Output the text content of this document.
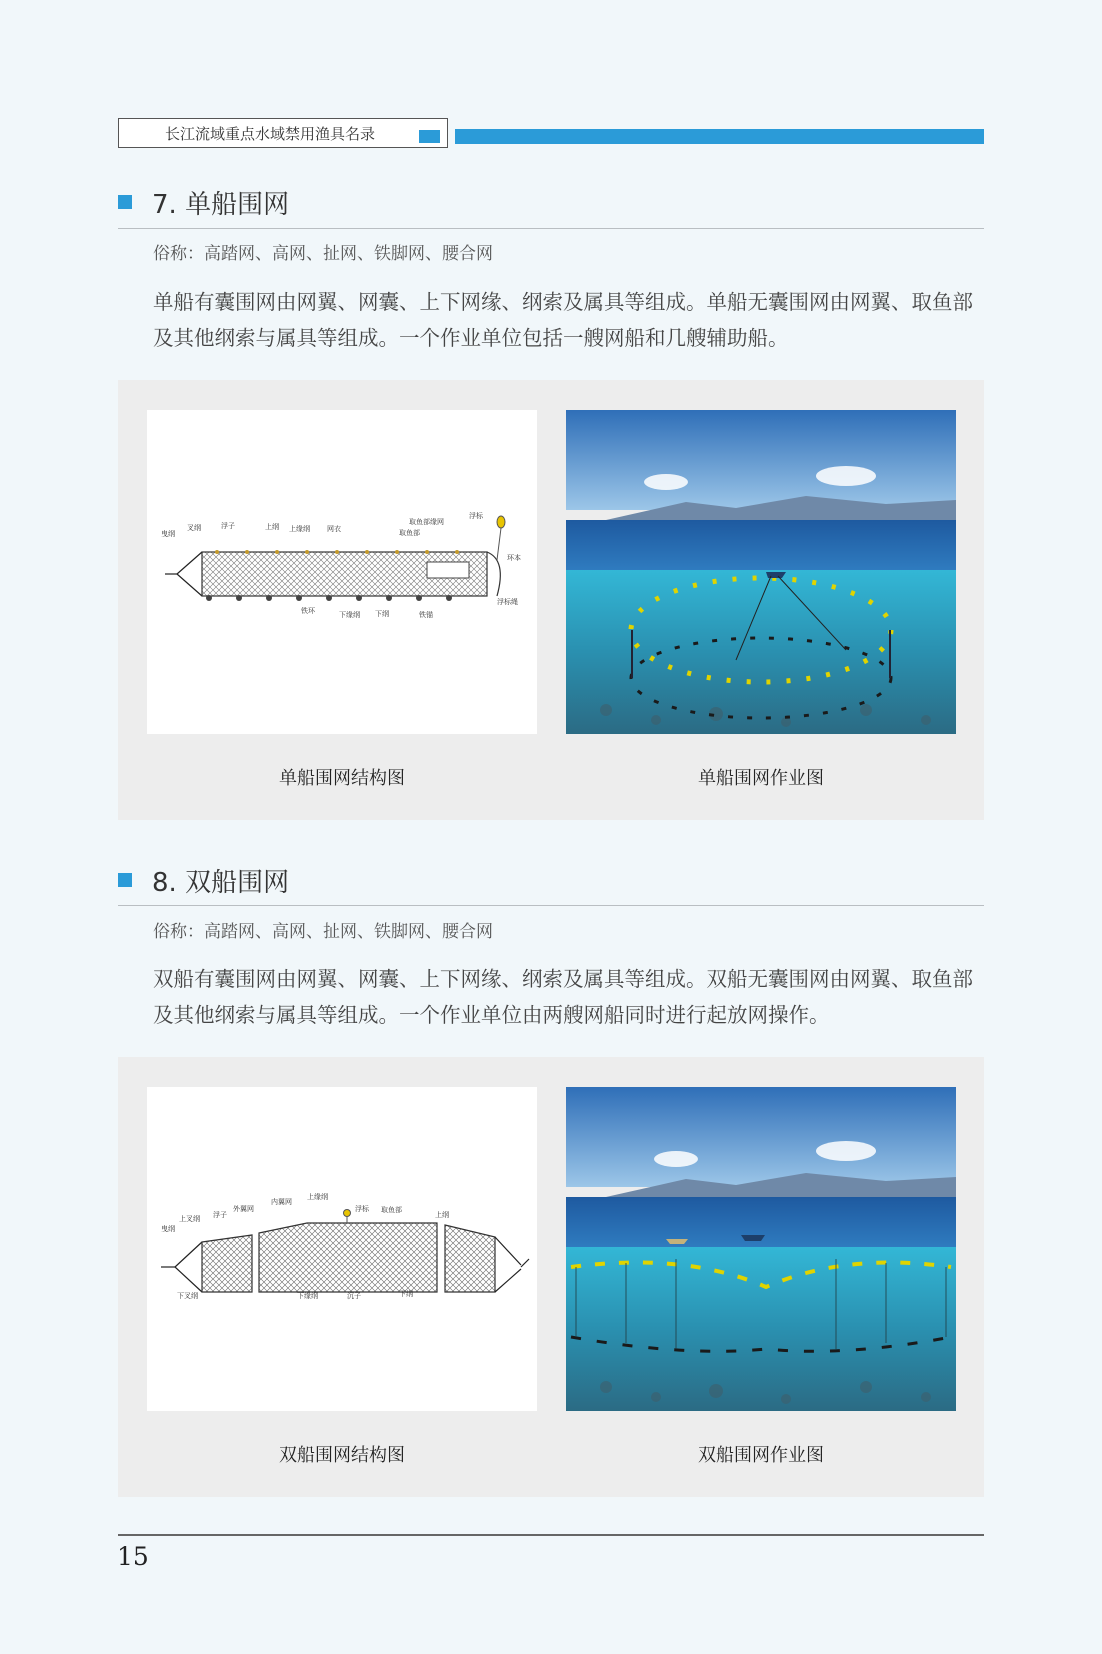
长江流域重点水域禁用渔具名录
7. 单船围网
俗称：高踏网、高网、扯网、铁脚网、腰合网
单船有囊围网由网翼、网囊、上下网缘、纲索及属具等组成。单船无囊围网由网翼、取鱼部及其他纲索与属具等组成。一个作业单位包括一艘网船和几艘辅助船。
曳纲
叉纲	浮子	上纲 上缘纲 网衣
取鱼部缘网
取鱼部
浮标
环本
浮标绳
铁环	下缘纲 下纲	铁锚
单船围网结构图	单船围网作业图
8. 双船围网
俗称：高踏网、高网、扯网、铁脚网、腰合网
双船有囊围网由网翼、网囊、上下网缘、纲索及属具等组成。双船无囊围网由网翼、取鱼部及其他纲索与属具等组成。一个作业单位由两艘网船同时进行起放网操作。
曳纲
上叉纲 浮子
外翼网
内翼网
上缘纲
浮标 取鱼部
上纲
下叉纲	下缘纲	沉子	下纲
双船围网结构图	双船围网作业图
15
